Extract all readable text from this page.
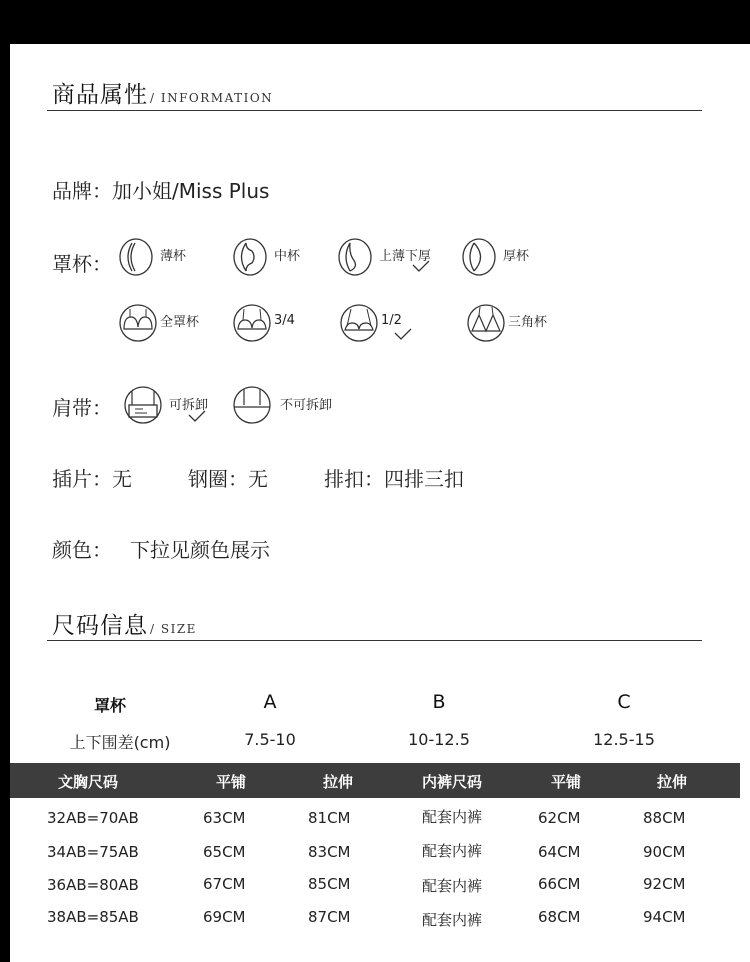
商品属性 / INFORMATION
品牌：加小姐/Miss Plus
罩杯：	薄杯	中杯	上薄下厚	厚杯
全罩杯	3/4	1/2	三角杯
肩带：	可拆卸	不可拆卸
插片：无	钢圈：无	排扣：四排三扣
颜色： 下拉见颜色展示
尺码信息 / SIZE
罩杯	A	B	C
上下围差(cm)	7.5-10	10-12.5	12.5-15
文胸尺码	平铺	拉伸	内裤尺码	平铺	拉伸
32AB=70AB	63CM	81CM	配套内裤	62CM	88CM
34AB=75AB	65CM	83CM	配套内裤	64CM	90CM
36AB=80AB	67CM	85CM	配套内裤	66CM	92CM
38AB=85AB	69CM	87CM	配套内裤	68CM	94CM
